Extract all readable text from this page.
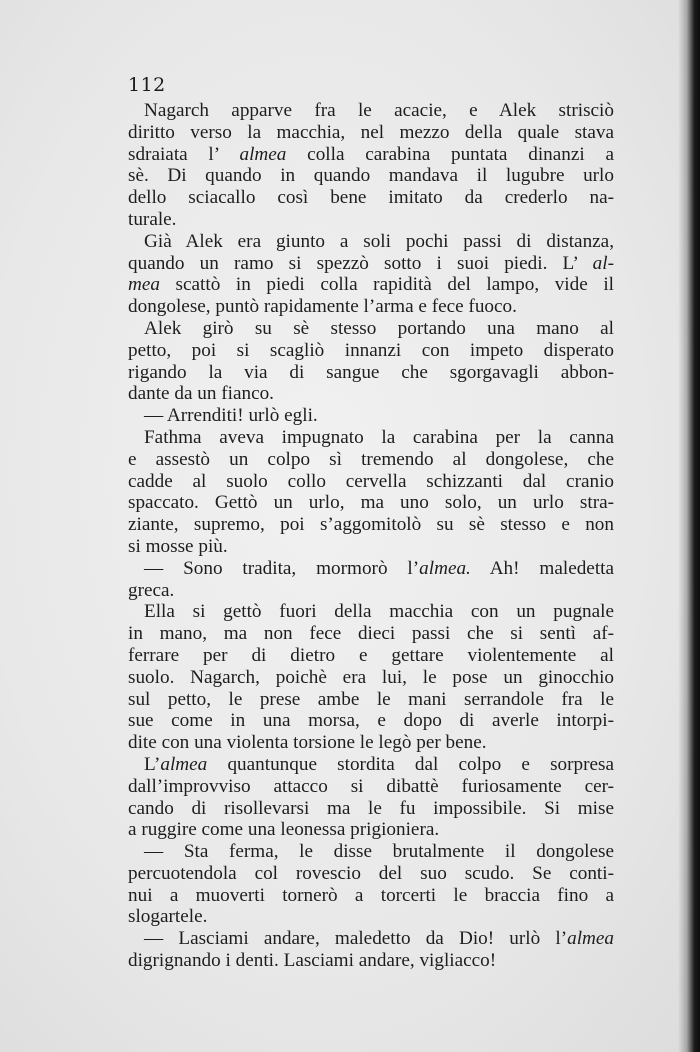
112
Nagarch apparve fra le acacie, e Alek strisciò
diritto verso la macchia, nel mezzo della quale stava
sdraiata l’ almea colla carabina puntata dinanzi a
sè. Di quando in quando mandava il lugubre urlo
dello sciacallo così bene imitato da crederlo na-
turale.
Già Alek era giunto a soli pochi passi di distanza,
quando un ramo si spezzò sotto i suoi piedi. L’ al-
mea scattò in piedi colla rapidità del lampo, vide il
dongolese, puntò rapidamente l’arma e fece fuoco.
Alek girò su sè stesso portando una mano al
petto, poi si scagliò innanzi con impeto disperato
rigando la via di sangue che sgorgavagli abbon-
dante da un fianco.
— Arrenditi! urlò egli.
Fathma aveva impugnato la carabina per la canna
e assestò un colpo sì tremendo al dongolese, che
cadde al suolo collo cervella schizzanti dal cranio
spaccato. Gettò un urlo, ma uno solo, un urlo stra-
ziante, supremo, poi s’aggomitolò su sè stesso e non
si mosse più.
— Sono tradita, mormorò l’almea. Ah! maledetta
greca.
Ella si gettò fuori della macchia con un pugnale
in mano, ma non fece dieci passi che si sentì af-
ferrare per di dietro e gettare violentemente al
suolo. Nagarch, poichè era lui, le pose un ginocchio
sul petto, le prese ambe le mani serrandole fra le
sue come in una morsa, e dopo di averle intorpi-
dite con una violenta torsione le legò per bene.
L’almea quantunque stordita dal colpo e sorpresa
dall’improvviso attacco si dibattè furiosamente cer-
cando di risollevarsi ma le fu impossibile. Si mise
a ruggire come una leonessa prigioniera.
— Sta ferma, le disse brutalmente il dongolese
percuotendola col rovescio del suo scudo. Se conti-
nui a muoverti tornerò a torcerti le braccia fino a
slogartele.
— Lasciami andare, maledetto da Dio! urlò l’almea
digrignando i denti. Lasciami andare, vigliacco!
